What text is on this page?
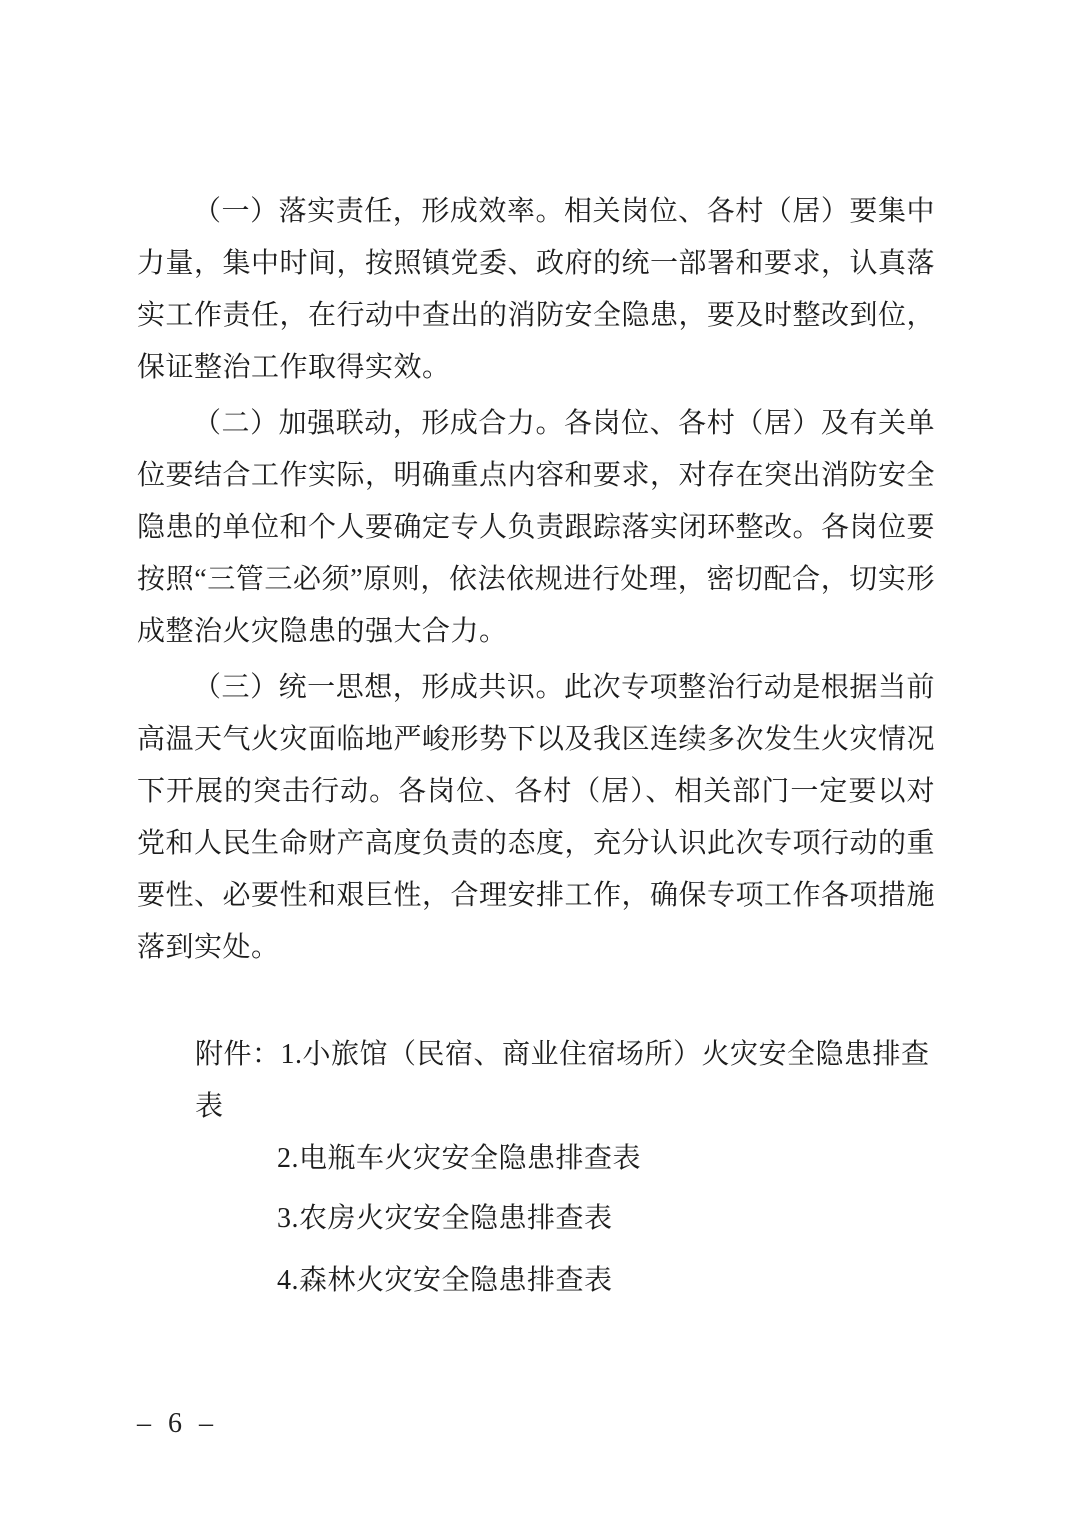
（一）落实责任，形成效率。相关岗位、各村（居）要集中力量，集中时间，按照镇党委、政府的统一部署和要求，认真落实工作责任，在行动中查出的消防安全隐患，要及时整改到位，保证整治工作取得实效。

（二）加强联动，形成合力。各岗位、各村（居）及有关单位要结合工作实际，明确重点内容和要求，对存在突出消防安全隐患的单位和个人要确定专人负责跟踪落实闭环整改。各岗位要按照“三管三必须”原则，依法依规进行处理，密切配合，切实形成整治火灾隐患的强大合力。

（三）统一思想，形成共识。此次专项整治行动是根据当前高温天气火灾面临地严峻形势下以及我区连续多次发生火灾情况下开展的突击行动。各岗位、各村（居）、相关部门一定要以对党和人民生命财产高度负责的态度，充分认识此次专项行动的重要性、必要性和艰巨性，合理安排工作，确保专项工作各项措施落到实处。

附件：1.小旅馆（民宿、商业住宿场所）火灾安全隐患排查表
2.电瓶车火灾安全隐患排查表
3.农房火灾安全隐患排查表
4.森林火灾安全隐患排查表
– 6 –
